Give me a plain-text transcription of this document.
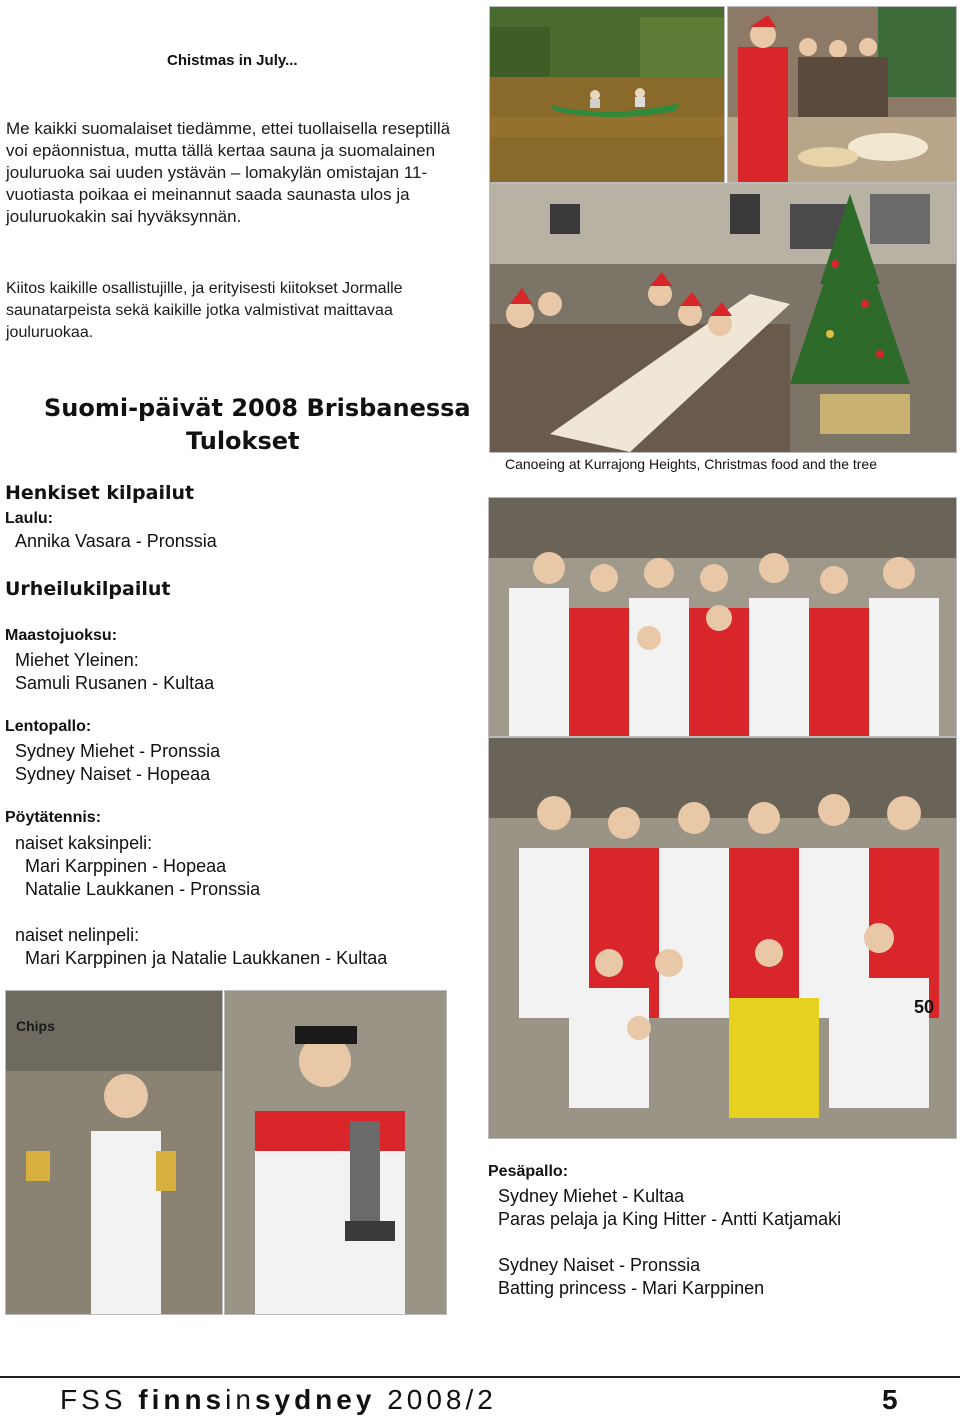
Chistmas in July...
Me kaikki suomalaiset tiedämme, ettei tuollaisella reseptillä voi epäonnistua, mutta tällä kertaa sauna ja suomalainen jouluruoka sai uuden ystävän – lomakylän omistajan 11-vuotiasta poikaa ei meinannut saada saunasta ulos ja jouluruokakin sai hyväksynnän.
Kiitos kaikille osallistujille, ja erityisesti kiitokset Jormalle saunatarpeista sekä kaikille jotka valmistivat maittavaa jouluruokaa.
Canoeing at Kurrajong Heights, Christmas food and the tree
Suomi-päivät 2008 Brisbanessa
Tulokset
Henkiset kilpailut
Laulu:
Annika Vasara - Pronssia
Urheilukilpailut
Maastojuoksu:
Miehet Yleinen:
Samuli Rusanen - Kultaa
Lentopallo:
Sydney Miehet - Pronssia
Sydney Naiset - Hopeaa
Pöytätennis:
naiset kaksinpeli:
Mari Karppinen - Hopeaa
Natalie Laukkanen - Pronssia
naiset nelinpeli:
Mari Karppinen ja Natalie Laukkanen - Kultaa
50
Chips
Pesäpallo:
Sydney Miehet - Kultaa
Paras pelaja ja King Hitter - Antti Katjamaki
Sydney Naiset - Pronssia
Batting princess - Mari Karppinen
FSS finnsinsydney 2008/2	5
